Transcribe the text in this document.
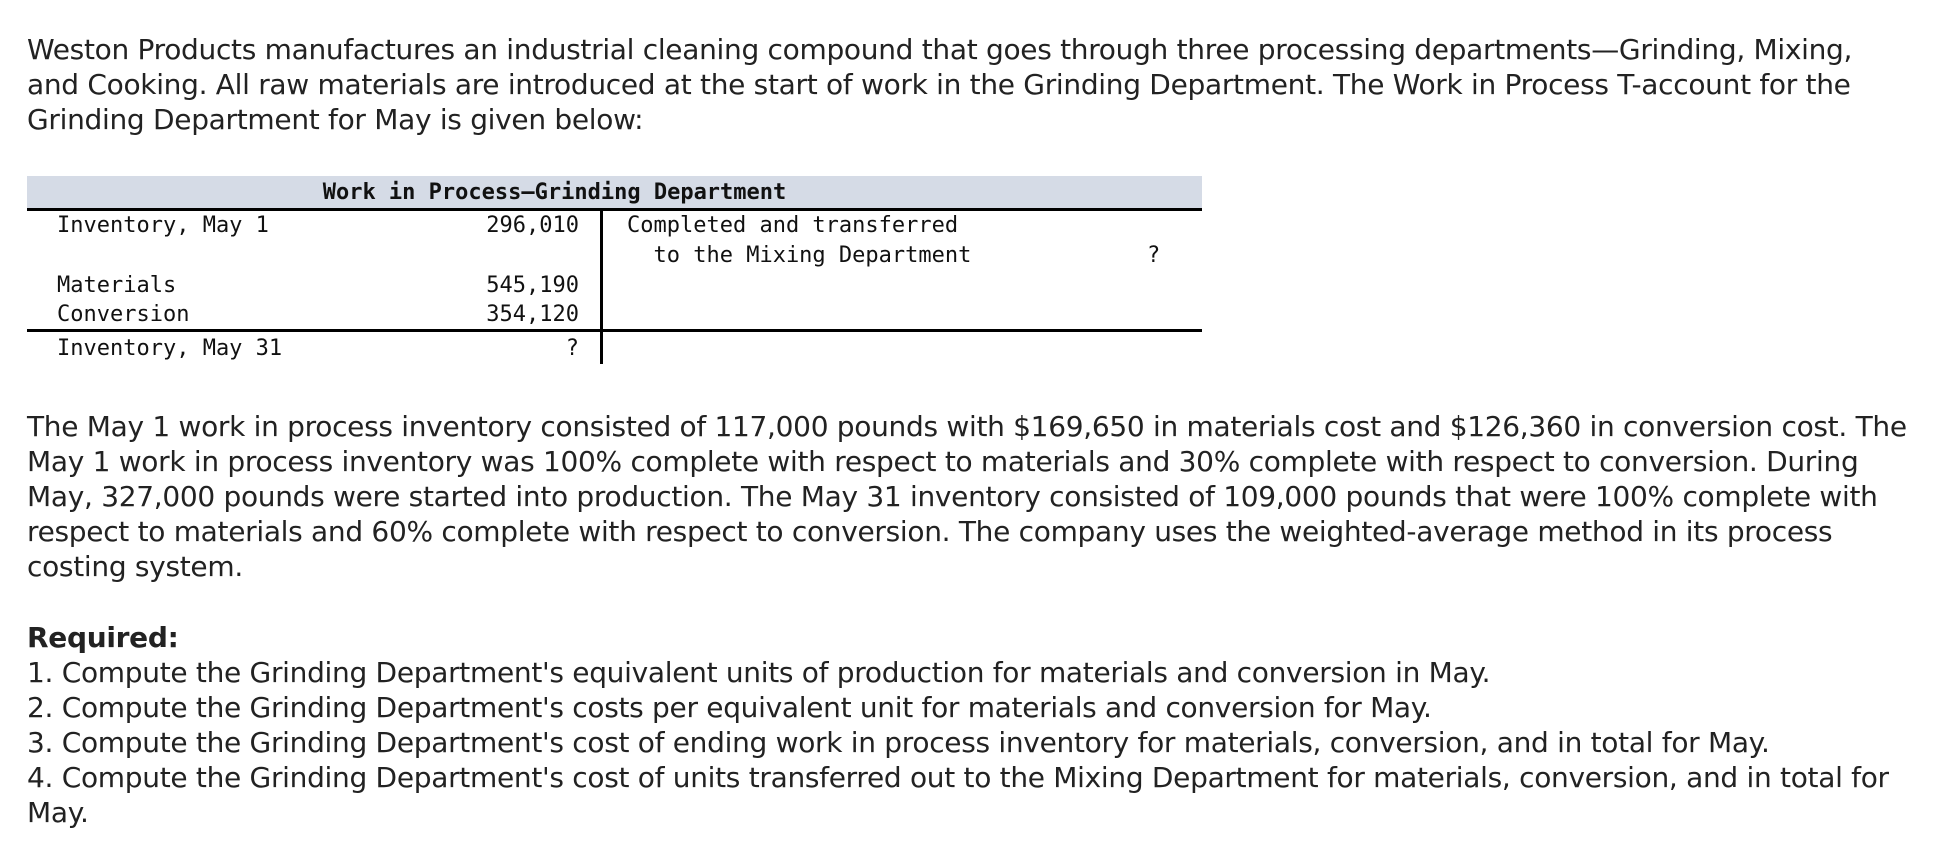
Weston Products manufactures an industrial cleaning compound that goes through three processing departments—Grinding, Mixing,
and Cooking. All raw materials are introduced at the start of work in the Grinding Department. The Work in Process T-account for the
Grinding Department for May is given below:
Work in Process—Grinding Department
Inventory, May 1	296,010
Materials	545,190
Conversion	354,120
Inventory, May 31	?
Completed and transferred
to the Mixing Department	?
The May 1 work in process inventory consisted of 117,000 pounds with $169,650 in materials cost and $126,360 in conversion cost. The
May 1 work in process inventory was 100% complete with respect to materials and 30% complete with respect to conversion. During
May, 327,000 pounds were started into production. The May 31 inventory consisted of 109,000 pounds that were 100% complete with
respect to materials and 60% complete with respect to conversion. The company uses the weighted-average method in its process
costing system.
Required:
1. Compute the Grinding Department's equivalent units of production for materials and conversion in May.
2. Compute the Grinding Department's costs per equivalent unit for materials and conversion for May.
3. Compute the Grinding Department's cost of ending work in process inventory for materials, conversion, and in total for May.
4. Compute the Grinding Department's cost of units transferred out to the Mixing Department for materials, conversion, and in total for
May.
